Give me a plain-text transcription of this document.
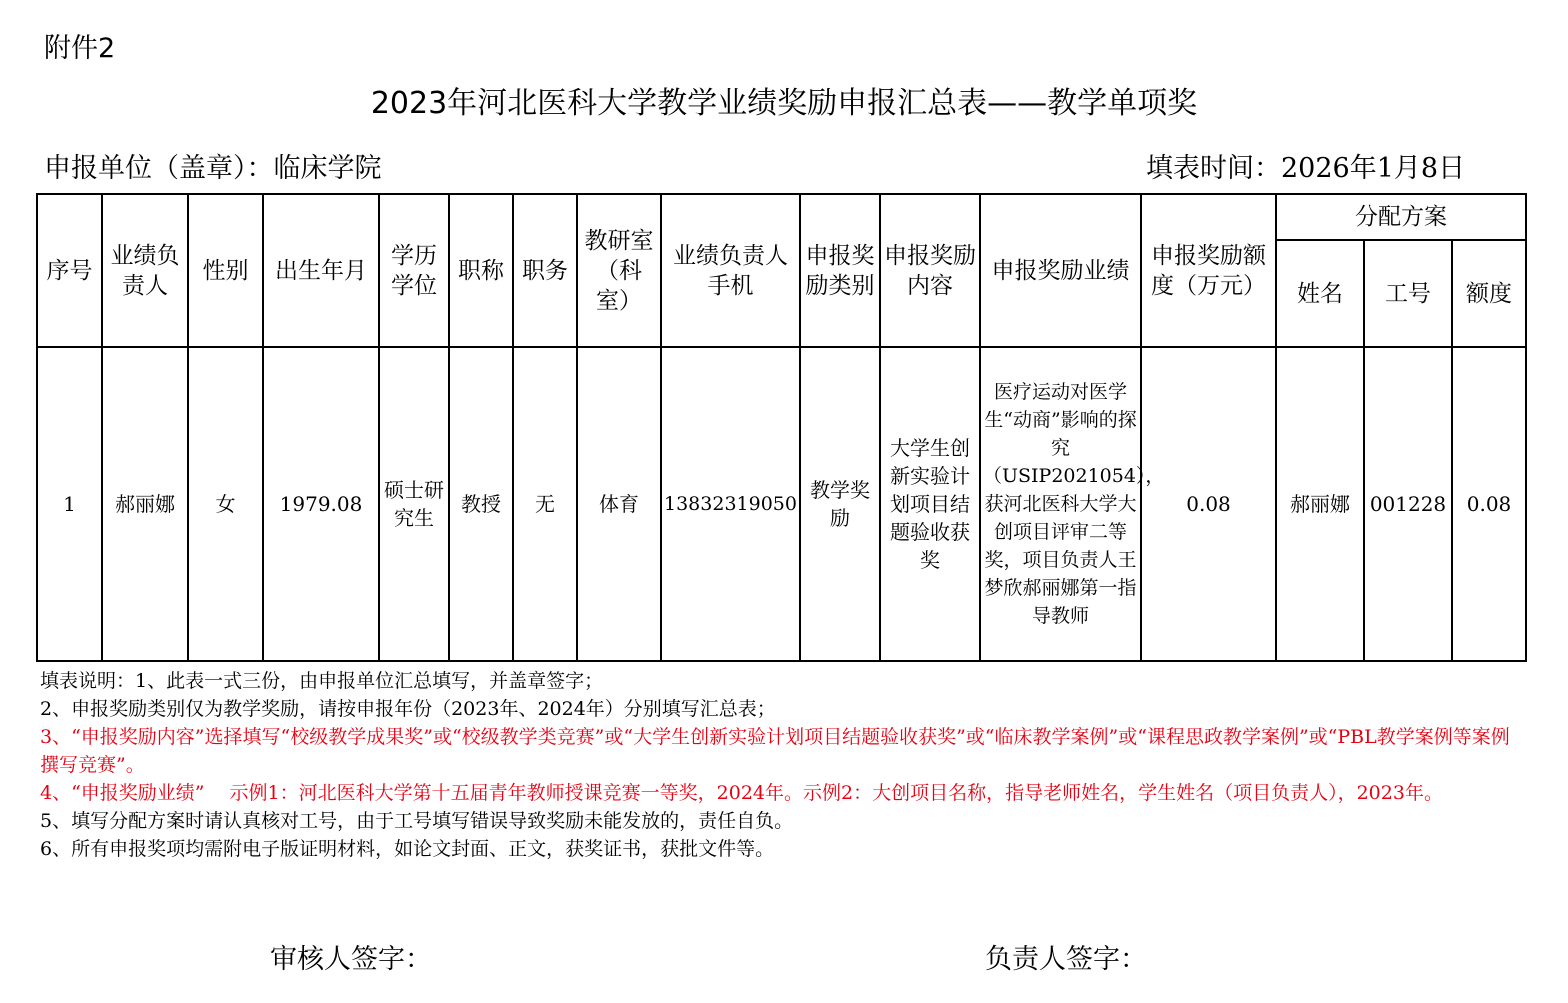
附件2
2023年河北医科大学教学业绩奖励申报汇总表——教学单项奖
申报单位（盖章）：临床学院	填表时间：2026年1月8日
序号	业绩负责人	性别	出生年月	学历学位	职称	职务	教研室（科室）	业绩负责人手机	申报奖励类别	申报奖励内容	申报奖励业绩	申报奖励额度（万元）	分配方案		
													姓名	工号	额度
1	郝丽娜	女	1979.08	硕士研究生	教授	无	体育	13832319050	教学奖励	大学生创新实验计划项目结题验收获奖	医疗运动对医学生“动商”影响的探究（USIP2021054），获河北医科大学大创项目评审二等奖，项目负责人王梦欣郝丽娜第一指导教师	0.08	郝丽娜	001228	0.08

填表说明：1、此表一式三份，由申报单位汇总填写，并盖章签字；

2、申报奖励类别仅为教学奖励，请按申报年份（2023年、2024年）分别填写汇总表；

3、“申报奖励内容”选择填写“校级教学成果奖”或“校级教学类竞赛”或“大学生创新实验计划项目结题验收获奖”或“临床教学案例”或“课程思政教学案例”或“PBL教学案例等案例撰写竞赛”。

4、“申报奖励业绩”　 示例1：河北医科大学第十五届青年教师授课竞赛一等奖，2024年。示例2：大创项目名称，指导老师姓名，学生姓名（项目负责人），2023年。

5、填写分配方案时请认真核对工号，由于工号填写错误导致奖励未能发放的，责任自负。

6、所有申报奖项均需附电子版证明材料，如论文封面、正文，获奖证书，获批文件等。

审核人签字：	负责人签字：
